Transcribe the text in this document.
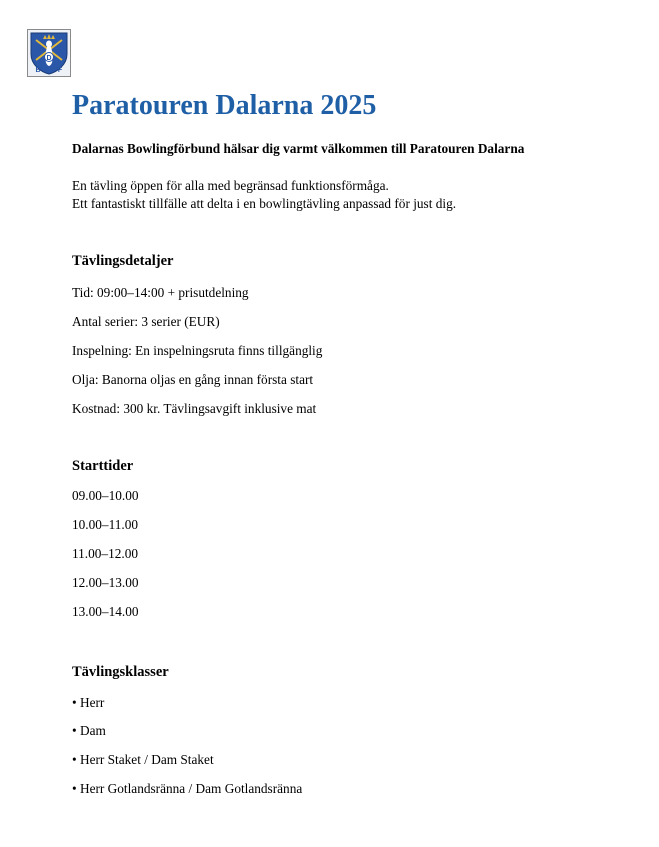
D
B F
Paratouren Dalarna 2025
Dalarnas Bowlingförbund hälsar dig varmt välkommen till Paratouren Dalarna
En tävling öppen för alla med begränsad funktionsförmåga.
Ett fantastiskt tillfälle att delta i en bowlingtävling anpassad för just dig.
Tävlingsdetaljer
Tid: 09:00–14:00 + prisutdelning
Antal serier: 3 serier (EUR)
Inspelning: En inspelningsruta finns tillgänglig
Olja: Banorna oljas en gång innan första start
Kostnad: 300 kr. Tävlingsavgift inklusive mat
Starttider
09.00–10.00
10.00–11.00
11.00–12.00
12.00–13.00
13.00–14.00
Tävlingsklasser
• Herr
• Dam
• Herr Staket / Dam Staket
• Herr Gotlandsränna / Dam Gotlandsränna
